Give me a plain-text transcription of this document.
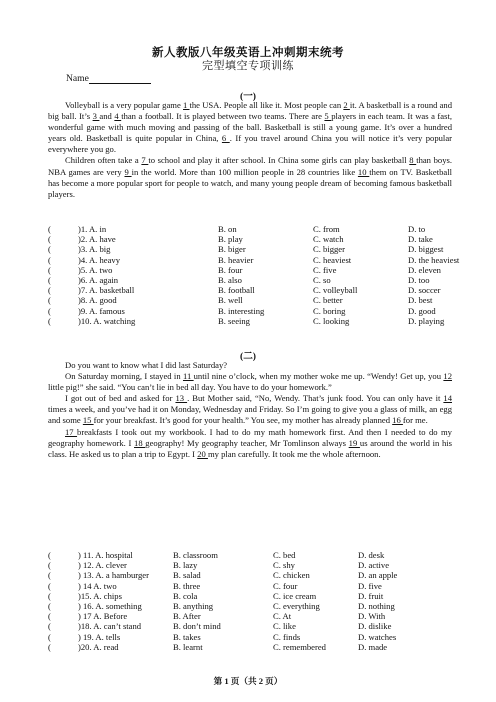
新人教版八年级英语上冲刺期末统考
完型填空专项训练
Name
(一)

Volleyball is a very popular game 1 the USA. People all like it. Most people can 2 it. A basketball is a round and big ball. It’s 3 and 4 than a football. It is played between two teams. There are 5 players in each team. It was a fast, wonderful game with much moving and passing of the ball. Basketball is still a young game. It’s over a hundred years old. Basketball is quite popular in China, 6 . If you travel around China you will notice it’s very popular everywhere you go.

Children often take a 7 to school and play it after school. In China some girls can play basketball 8 than boys. NBA games are very 9 in the world. More than 100 million people in 28 countries like 10 them on TV. Basketball has become a more popular sport for people to watch, and many young people dream of becoming famous basketball players.

(	)1. A. in	B. on	C. from	D. to
(	)2. A. have	B. play	C. watch	D. take
(	)3. A. big	B. biger	C. bigger	D. biggest
(	)4. A. heavy	B. heavier	C. heaviest	D. the heaviest
(	)5. A. two	B. four	C. five	D. eleven
(	)6. A. again	B. also	C. so	D. too
(	)7. A. basketball	B. football	C. volleyball	D. soccer
(	)8. A. good	B. well	C. better	D. best
(	)9. A. famous	B. interesting	C. boring	D. good
(	)10. A. watching	B. seeing	C. looking	D. playing
(二)

Do you want to know what I did last Saturday?

On Saturday morning, I stayed in 11 until nine o’clock, when my mother woke me up. “Wendy! Get up, you 12 little pig!” she said. “You can’t lie in bed all day. You have to do your homework.”

I got out of bed and asked for 13 . But Mother said, “No, Wendy. That’s junk food. You can only have it 14 times a week, and you’ve had it on Monday, Wednesday and Friday. So I’m going to give you a glass of milk, an egg and some 15 for your breakfast. It’s good for your health.” You see, my mother has already planned 16 for me.

17 breakfasts I took out my workbook. I had to do my math homework first. And then I needed to do my geography homework. I 18 geography! My geography teacher, Mr Tomlinson always 19 us around the world in his class. He asked us to plan a trip to Egypt. I 20 my plan carefully. It took me the whole afternoon.

(	) 11. A. hospital	B. classroom	C. bed	D. desk
(	) 12. A. clever	B. lazy	C. shy	D. active
(	) 13. A. a hamburger	B. salad	C. chicken	D. an apple
(	) 14 A. two	B. three	C. four	D. five
(	)15. A. chips	B. cola	C. ice cream	D. fruit
(	) 16. A. something	B. anything	C. everything	D. nothing
(	) 17 A. Before	B. After	C. At	D. With
(	)18. A. can’t stand	B. don’t mind	C. like	D. dislike
(	) 19. A. tells	B. takes	C. finds	D. watches
(	)20. A. read	B. learnt	C. remembered	D. made
第 1 页（共 2 页）
